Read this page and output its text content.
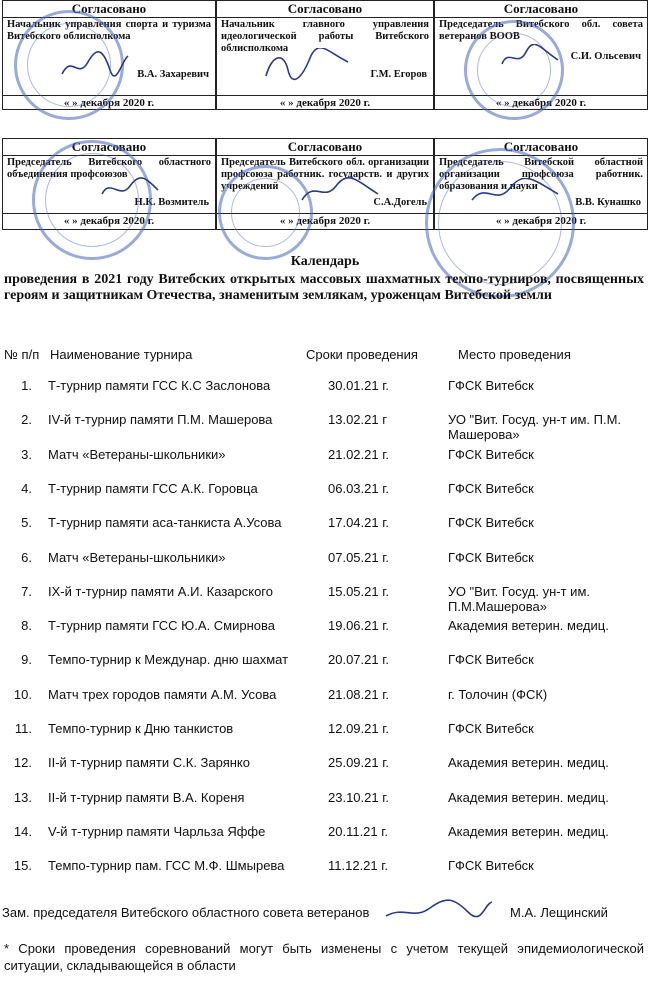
Согласовано
Начальник управления спорта и туризма Витебского облисполкома
В.А. Захаревич
« » декабря 2020 г.
Согласовано
Начальник главного управления идеологической работы Витебского облисполкома
Г.М. Егоров
« » декабря 2020 г.
Согласовано
Председатель Витебского обл. совета ветеранов ВООВ
С.И. Ольсевич
« » декабря 2020 г.
Согласовано
Председатель Витебского областного объединения профсоюзов
Н.К. Возмитель
« » декабря 2020 г.
Согласовано
Председатель Витебского обл. организации профсоюза работник. государств. и других учреждений
С.А.Догель
« » декабря 2020 г.
Согласовано
Председатель Витебской областной организации профсоюза работник. образования и науки
В.В. Кунашко
« » декабря 2020 г.
Календарь
проведения в 2021 году Витебских открытых массовых шахматных темпо-турниров, посвященных героям и защитникам Отечества, знаменитым землякам, уроженцам Витебской земли
№ п/п Наименование турнира	Сроки проведения	Место проведения
1. Т-турнир памяти ГСС К.С Заслонова	30.01.21 г.	ГФСК Витебск
2. IV-й т-турнир памяти П.М. Машерова	13.02.21 г	УО "Вит. Госуд. ун-т им. П.М. Машерова»
3. Матч «Ветераны-школьники»	21.02.21 г.	ГФСК Витебск
4. Т-турнир памяти ГСС А.К. Горовца	06.03.21 г.	ГФСК Витебск
5. Т-турнир памяти аса-танкиста А.Усова	17.04.21 г.	ГФСК Витебск
6. Матч «Ветераны-школьники»	07.05.21 г.	ГФСК Витебск
7. IX-й т-турнир памяти А.И. Казарского	15.05.21 г.	УО "Вит. Госуд. ун-т им. П.М.Машерова»
8. Т-турнир памяти ГСС Ю.А. Смирнова	19.06.21 г.	Академия ветерин. медиц.
9. Темпо-турнир к Междунар. дню шахмат	20.07.21 г.	ГФСК Витебск
10. Матч трех городов памяти А.М. Усова	21.08.21 г.	г. Толочин (ФСК)
11. Темпо-турнир к Дню танкистов	12.09.21 г.	ГФСК Витебск
12. II-й т-турнир памяти С.К. Зарянко	25.09.21 г.	Академия ветерин. медиц.
13. II-й т-турнир памяти В.А. Кореня	23.10.21 г.	Академия ветерин. медиц.
14. V-й т-турнир памяти Чарльза Яффе	20.11.21 г.	Академия ветерин. медиц.
15. Темпо-турнир пам. ГСС М.Ф. Шмырева	11.12.21 г.	ГФСК Витебск
Зам. председателя Витебского областного совета ветеранов	М.А. Лещинский
* Сроки проведения соревнований могут быть изменены с учетом текущей эпидемиологической ситуации, складывающейся в области
